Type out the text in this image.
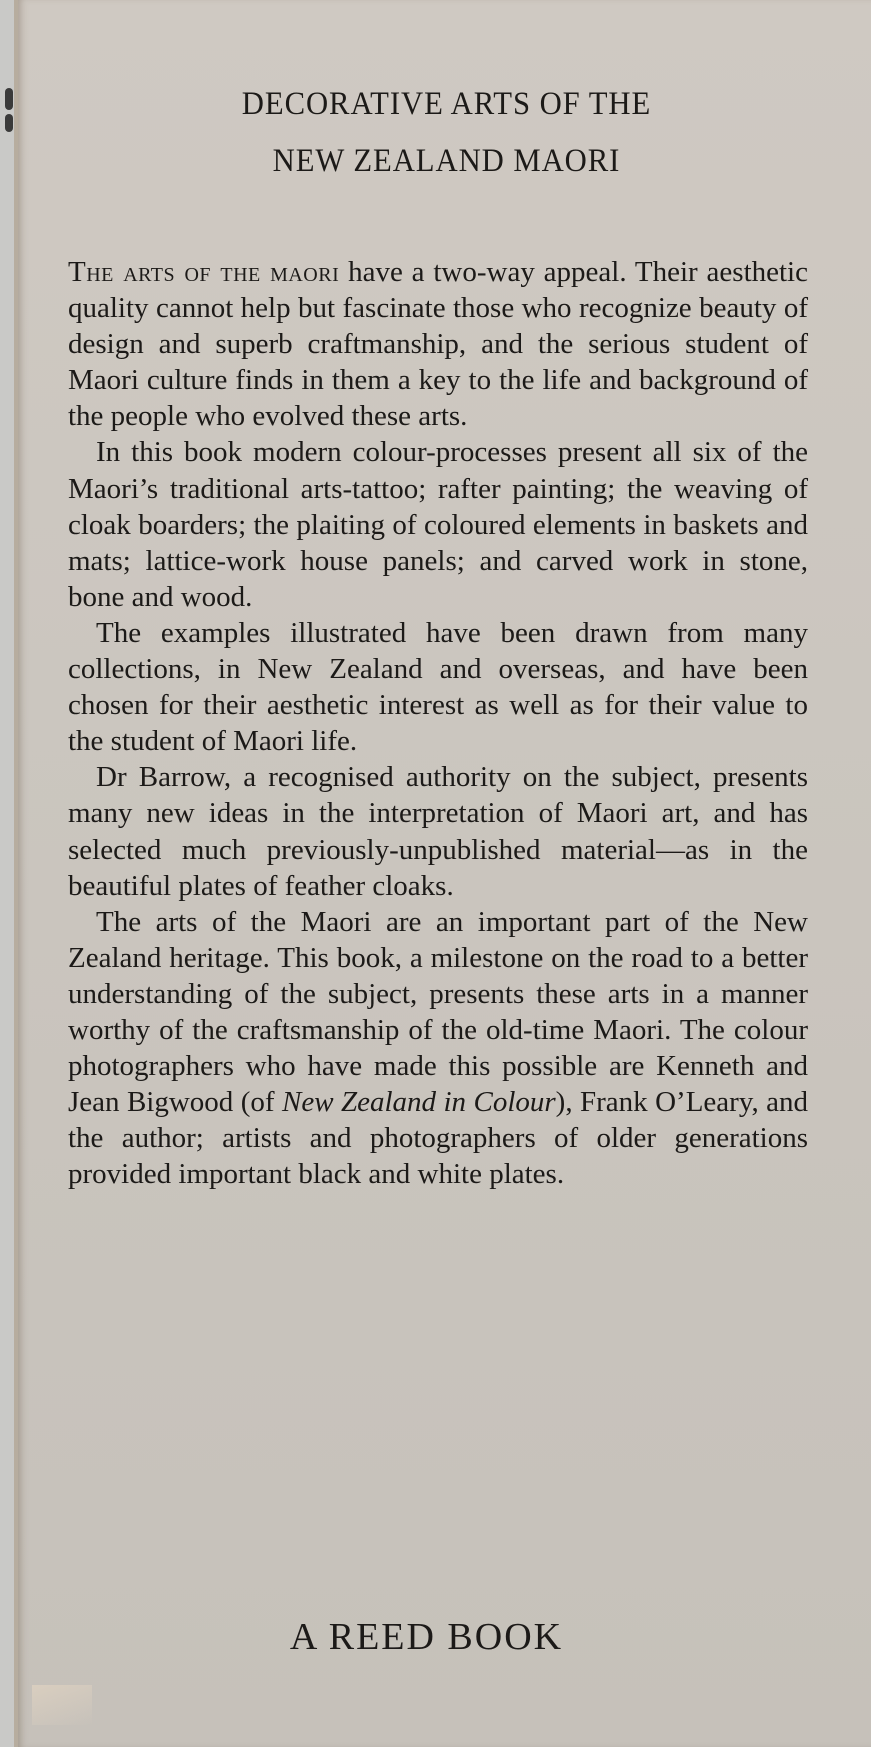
DECORATIVE ARTS OF THE
NEW ZEALAND MAORI

The arts of the maori have a two-way appeal. Their aesthetic quality cannot help but fascinate those who recognize beauty of design and superb craftmanship, and the serious student of Maori culture finds in them a key to the life and background of the people who evolved these arts.

In this book modern colour-processes present all six of the Maori’s traditional arts-tattoo; rafter painting; the weaving of cloak boarders; the plaiting of coloured elements in baskets and mats; lattice-work house panels; and carved work in stone, bone and wood.

The examples illustrated have been drawn from many collections, in New Zealand and overseas, and have been chosen for their aesthetic interest as well as for their value to the student of Maori life.

Dr Barrow, a recognised authority on the subject, presents many new ideas in the interpretation of Maori art, and has selected much previously-unpublished material—as in the beautiful plates of feather cloaks.

The arts of the Maori are an important part of the New Zealand heritage. This book, a milestone on the road to a better understanding of the subject, presents these arts in a manner worthy of the craftsmanship of the old-time Maori. The colour photographers who have made this possible are Kenneth and Jean Bigwood (of New Zealand in Colour), Frank O’Leary, and the author; artists and photographers of older generations provided important black and white plates.

A REED BOOK
